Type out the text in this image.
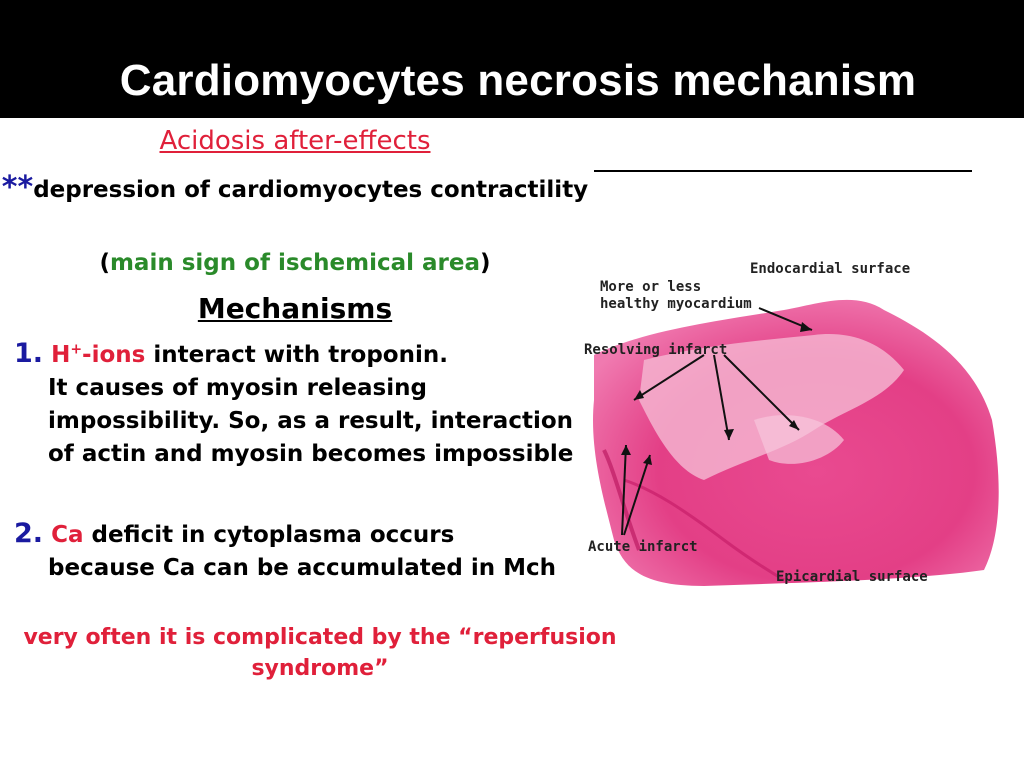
Cardiomyocytes necrosis mechanism
Acidosis after-effects
**depression of cardiomyocytes contractility
(main sign of ischemical area)
Mechanisms
1. H+-ions interact with troponin.
It causes of myosin releasing impossibility. So, as a result, interaction of actin and myosin becomes impossible
2. Ca deficit in cytoplasma occurs
because Ca can be accumulated in Mch
very often it is complicated by the “reperfusion syndrome”
Endocardial surface
More or less
healthy myocardium
Resolving infarct
Acute infarct
Epicardial surface
